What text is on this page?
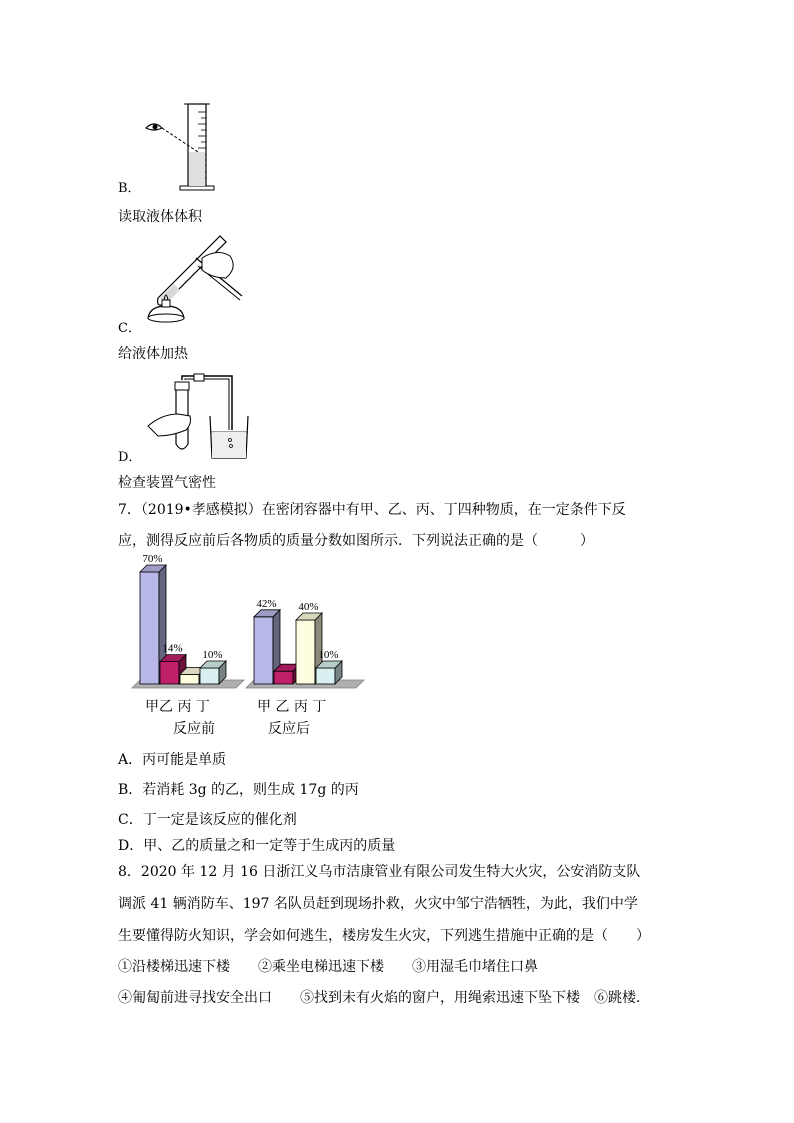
B．
读取液体体积
C．
给液体加热
D．
检查装置气密性
7．（2019•孝感模拟）在密闭容器中有甲、乙、丙、丁四种物质，在一定条件下反
应，测得反应前后各物质的质量分数如图所示．下列说法正确的是（　　　）
70%
14%
10%
42% 40%
10%
甲乙 丙 丁	甲 乙 丙 丁
反应前	反应后
A．丙可能是单质
B．若消耗 3g 的乙，则生成 17g 的丙
C．丁一定是该反应的催化剂
D．甲、乙的质量之和一定等于生成丙的质量
8．2020 年 12 月 16 日浙江义乌市洁康管业有限公司发生特大火灾，公安消防支队
调派 41 辆消防车、197 名队员赶到现场扑救，火灾中邹宁浩牺牲，为此，我们中学
生要懂得防火知识，学会如何逃生，楼房发生火灾，下列逃生措施中正确的是（　　）
①沿楼梯迅速下楼　　②乘坐电梯迅速下楼　　③用湿毛巾堵住口鼻
④匍匐前进寻找安全出口　　⑤找到未有火焰的窗户，用绳索迅速下坠下楼　⑥跳楼．
